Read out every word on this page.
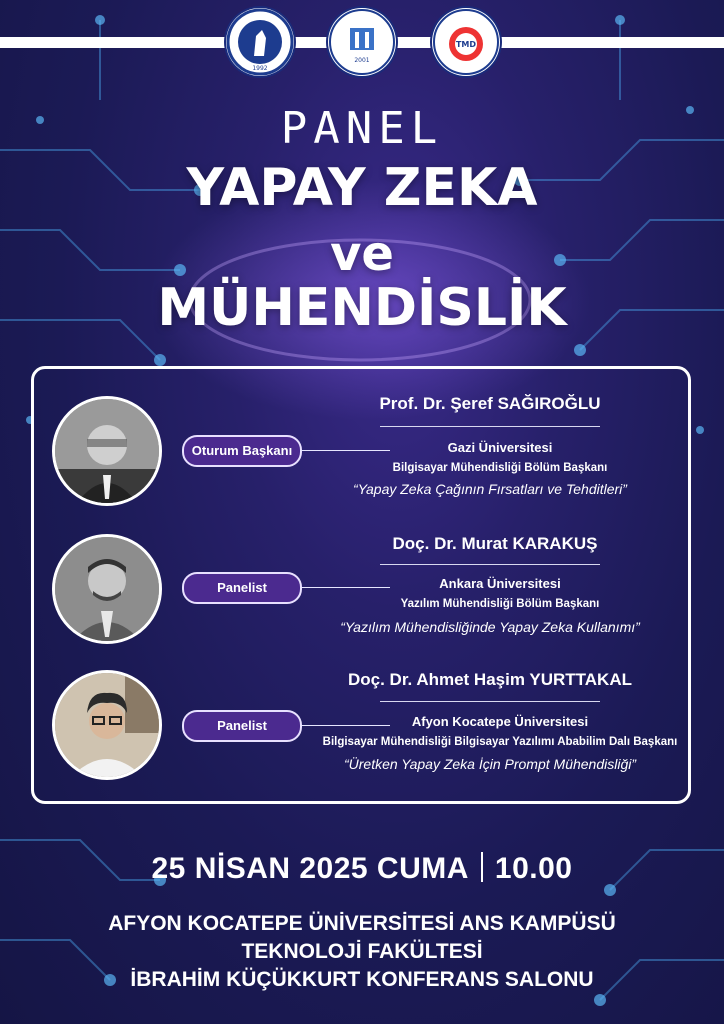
1992
2001
TMD
PANEL
YAPAY ZEKA
ve
MÜHENDİSLİK
Oturum Başkanı
Prof. Dr. Şeref SAĞIROĞLU
Gazi Üniversitesi
Bilgisayar Mühendisliği Bölüm Başkanı
“Yapay Zeka Çağının Fırsatları ve Tehditleri”
Panelist
Doç. Dr. Murat KARAKUŞ
Ankara Üniversitesi
Yazılım Mühendisliği Bölüm Başkanı
“Yazılım Mühendisliğinde Yapay Zeka Kullanımı”
Panelist
Doç. Dr. Ahmet Haşim YURTTAKAL
Afyon Kocatepe Üniversitesi
Bilgisayar Mühendisliği Bilgisayar Yazılımı Ababilim Dalı Başkanı
“Üretken Yapay Zeka İçin Prompt Mühendisliği”
25 NİSAN 2025 CUMA 10.00
AFYON KOCATEPE ÜNİVERSİTESİ ANS KAMPÜSÜ
TEKNOLOJİ FAKÜLTESİ
İBRAHİM KÜÇÜKKURT KONFERANS SALONU
